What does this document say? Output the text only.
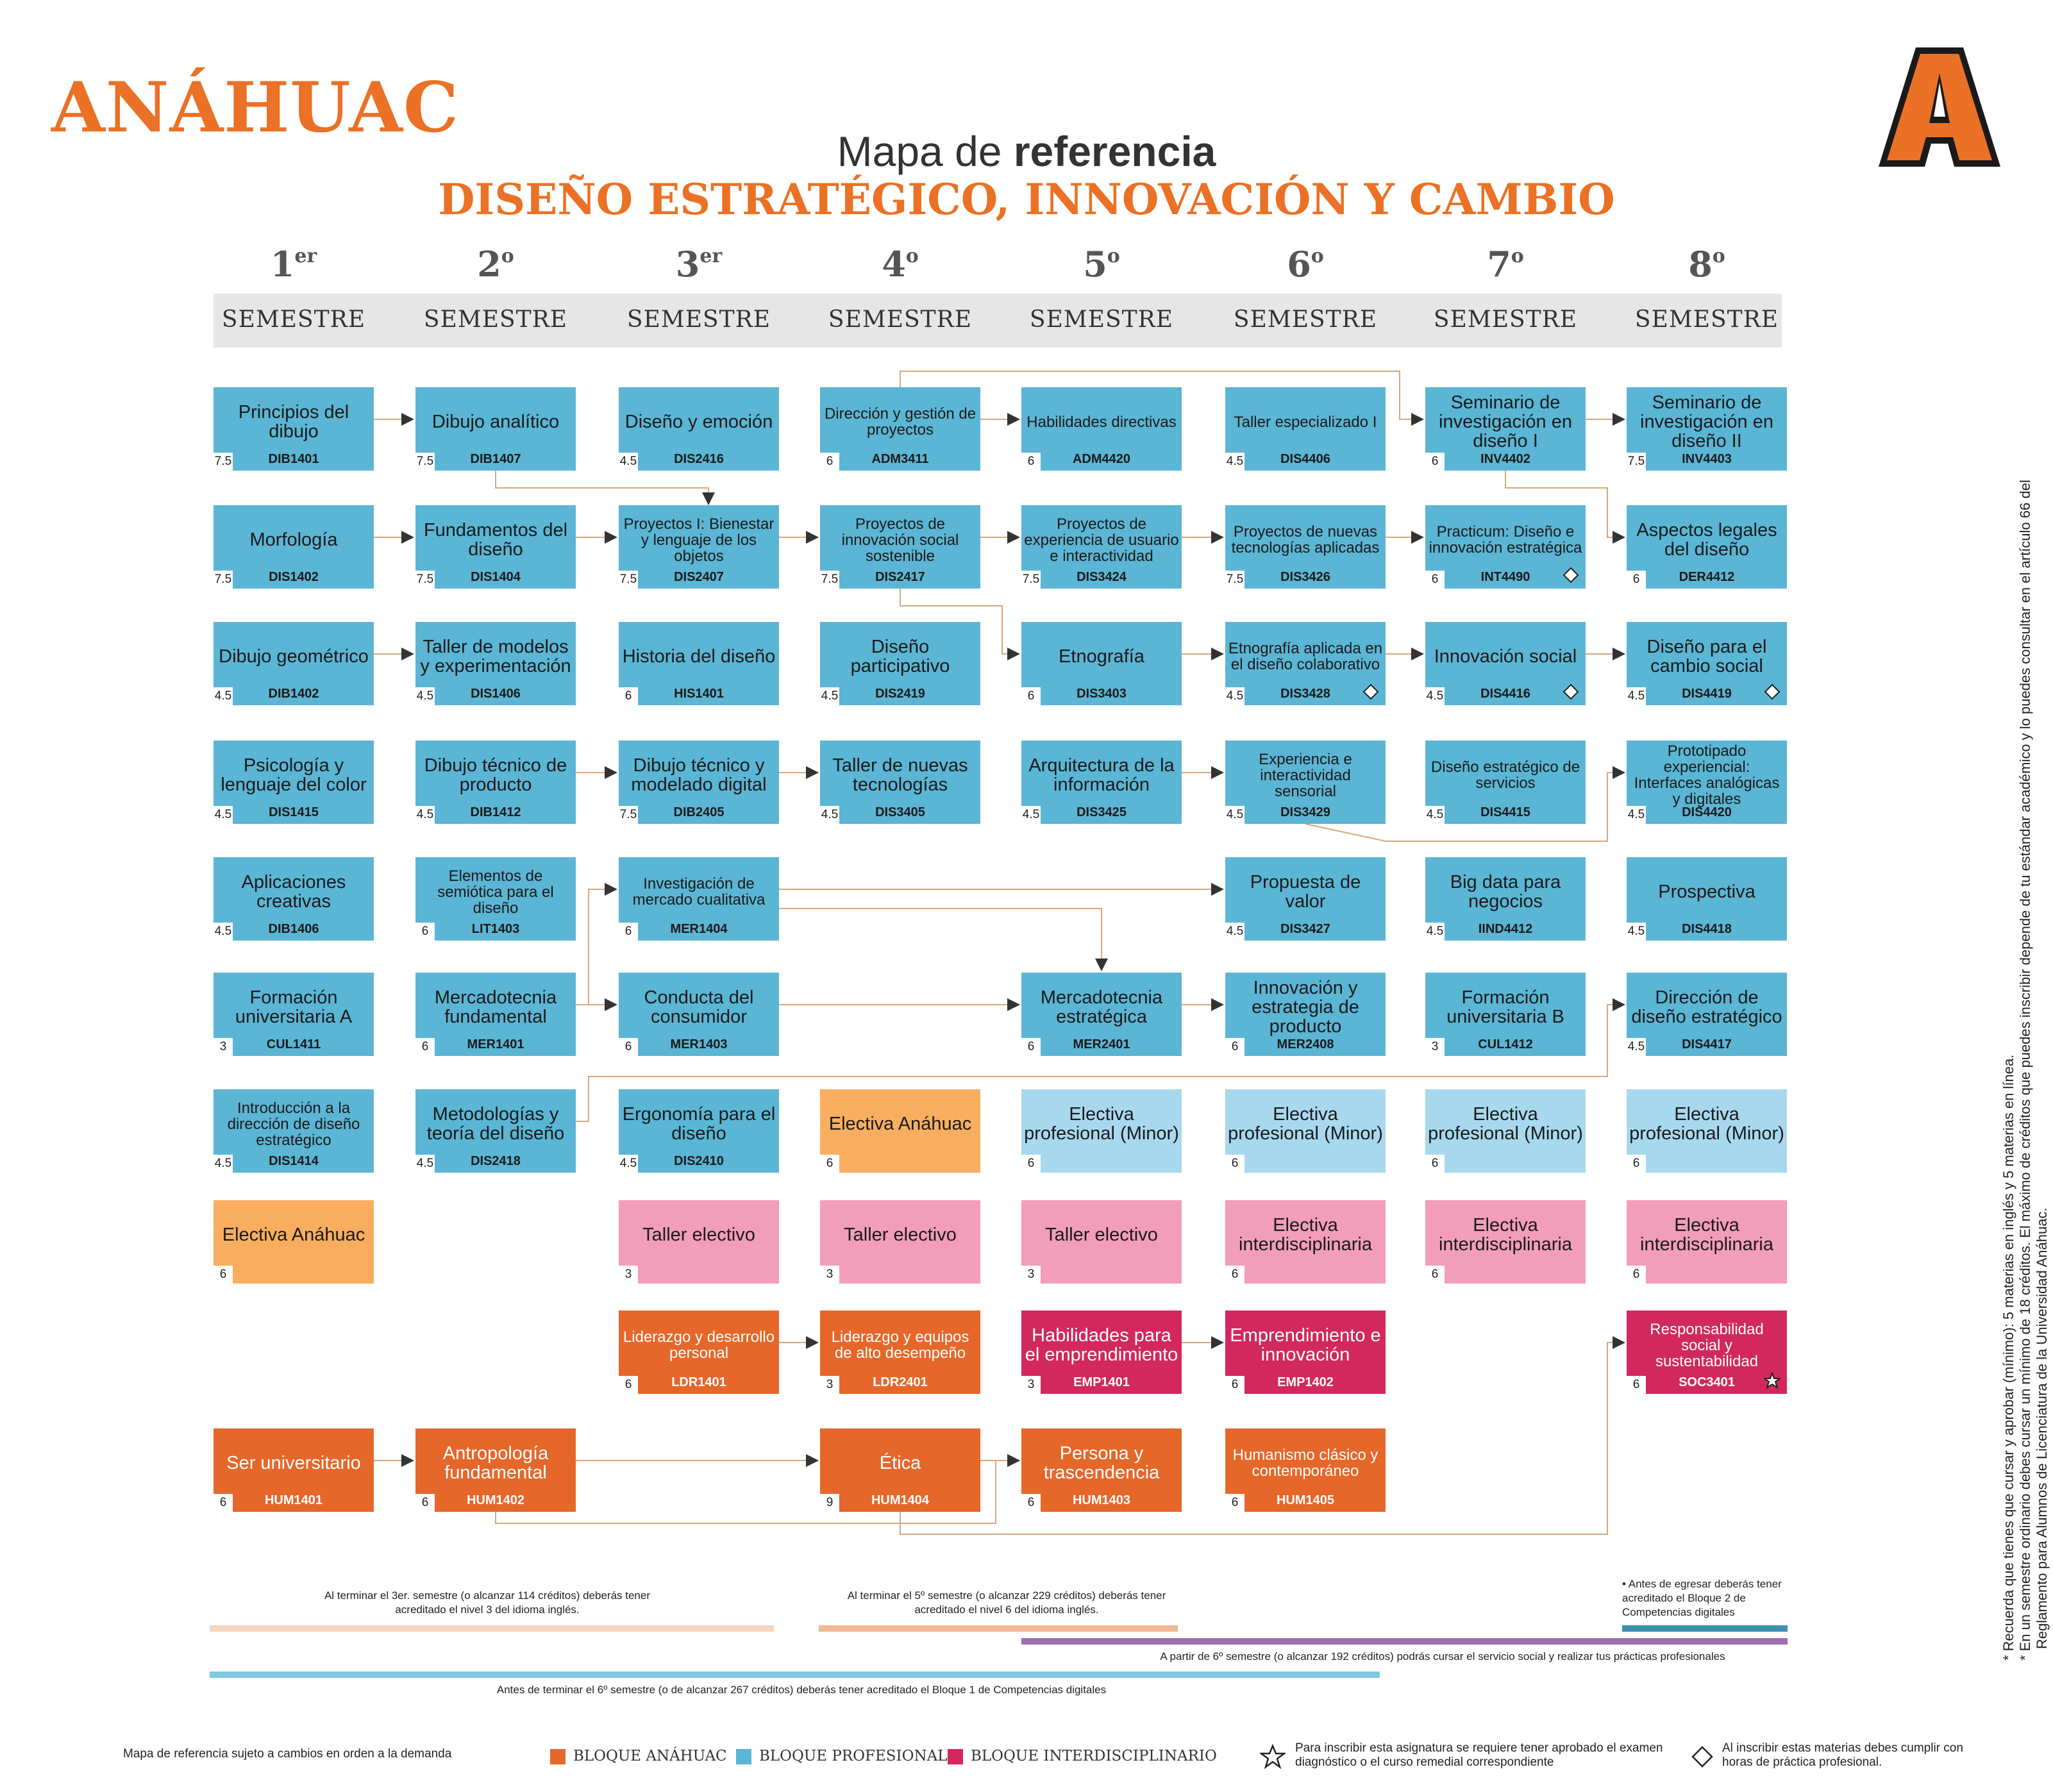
ANÁHUAC
Mapa de referencia
DISEÑO ESTRATÉGICO, INNOVACIÓN Y CAMBIO
1er
SEMESTRE
2$^o$
SEMESTRE
3er
SEMESTRE
4$^o$
SEMESTRE
5$^o$
SEMESTRE
6$^o$
SEMESTRE
7$^o$
SEMESTRE
8$^o$
SEMESTRE
Principios del dibujo
DIB1401
7.5
Morfología
DIS1402
7.5
Dibujo geométrico
DIB1402
4.5
Psicología y lenguaje del color
DIS1415
4.5
Aplicaciones creativas
DIB1406
4.5
Formación universitaria A
CUL1411
3
Introducción a la dirección de diseño estratégico
DIS1414
4.5
Electiva Anáhuac
6
Ser universitario
HUM1401
6
Dibujo analítico
DIB1407
7.5
Fundamentos del diseño
DIS1404
7.5
Taller de modelos y experimentación
DIS1406
4.5
Dibujo técnico de producto
DIB1412
4.5
Elementos de semiótica para el diseño
LIT1403
6
Mercadotecnia fundamental
MER1401
6
Metodologías y teoría del diseño
DIS2418
4.5
Antropología fundamental
HUM1402
6
Diseño y emoción
DIS2416
4.5
Proyectos I: Bienestar y lenguaje de los objetos
DIS2407
7.5
Historia del diseño
HIS1401
6
Dibujo técnico y modelado digital
DIB2405
7.5
Investigación de mercado cualitativa
MER1404
6
Conducta del consumidor
MER1403
6
Ergonomía para el diseño
DIS2410
4.5
Taller electivo
3
Liderazgo y desarrollo personal
LDR1401
6
Dirección y gestión de proyectos
ADM3411
6
Proyectos de innovación social sostenible
DIS2417
7.5
Diseño participativo
DIS2419
4.5
Taller de nuevas tecnologías
DIS3405
4.5
Electiva Anáhuac
6
Taller electivo
3
Liderazgo y equipos de alto desempeño
LDR2401
3
Ética
HUM1404
9
Habilidades directivas
ADM4420
6
Proyectos de experiencia de usuario e interactividad
DIS3424
7.5
Etnografía
DIS3403
6
Arquitectura de la información
DIS3425
4.5
Mercadotecnia estratégica
MER2401
6
Electiva profesional (Minor)
6
Taller electivo
3
Habilidades para el emprendimiento
EMP1401
3
Persona y trascendencia
HUM1403
6
Taller especializado I
DIS4406
4.5
Proyectos de nuevas tecnologías aplicadas
DIS3426
7.5
Etnografía aplicada en el diseño colaborativo
DIS3428
4.5
Experiencia e interactividad sensorial
DIS3429
4.5
Propuesta de valor
DIS3427
4.5
Innovación y estrategia de producto
MER2408
6
Electiva profesional (Minor)
6
Electiva interdisciplinaria
6
Emprendimiento e innovación
EMP1402
6
Humanismo clásico y contemporáneo
HUM1405
6
Seminario de investigación en diseño I
INV4402
6
Practicum: Diseño e innovación estratégica
INT4490
6
Innovación social
DIS4416
4.5
Diseño estratégico de servicios
DIS4415
4.5
Big data para negocios
IIND4412
4.5
Formación universitaria B
CUL1412
3
Electiva profesional (Minor)
6
Electiva interdisciplinaria
6
Seminario de investigación en diseño II
INV4403
7.5
Aspectos legales del diseño
DER4412
6
Diseño para el cambio social
DIS4419
4.5
Prototipado experiencial: Interfaces analógicas y digitales
DIS4420
4.5
Prospectiva
DIS4418
4.5
Dirección de diseño estratégico
DIS4417
4.5
Electiva profesional (Minor)
6
Electiva interdisciplinaria
6
Responsabilidad social y sustentabilidad
SOC3401
6
Al terminar el 3er. semestre (o alcanzar 114 créditos) deberás tener acreditado el nivel 3 del idioma inglés.
Al terminar el 5º semestre (o alcanzar 229 créditos) deberás tener acreditado el nivel 6 del idioma inglés.
• Antes de egresar deberás tener acreditado el Bloque 2 de Competencias digitales
A partir de 6º semestre (o alcanzar 192 créditos) podrás cursar el servicio social y realizar tus prácticas profesionales
Antes de terminar el 6º semestre (o de alcanzar 267 créditos) deberás tener acreditado el Bloque 1 de Competencias digitales
* Recuerda que tienes que cursar y aprobar (mínimo): 5 materias en inglés y 5 materias en línea. * En un semestre ordinario debes cursar un mínimo de 18 créditos. El máximo de créditos que puedes inscribir depende de tu estándar académico y lo puedes consultar en el artículo 66 del Reglamento para Alumnos de Licenciatura de la Universidad Anáhuac.
Mapa de referencia sujeto a cambios en orden a la demanda	BLOQUE ANÁHUAC BLOQUE PROFESIONAL BLOQUE INTERDISCIPLINARIO	Para inscribir esta asignatura se requiere tener aprobado el examen diagnóstico o el curso remedial correspondiente
Al inscribir estas materias debes cumplir con horas de práctica profesional.
